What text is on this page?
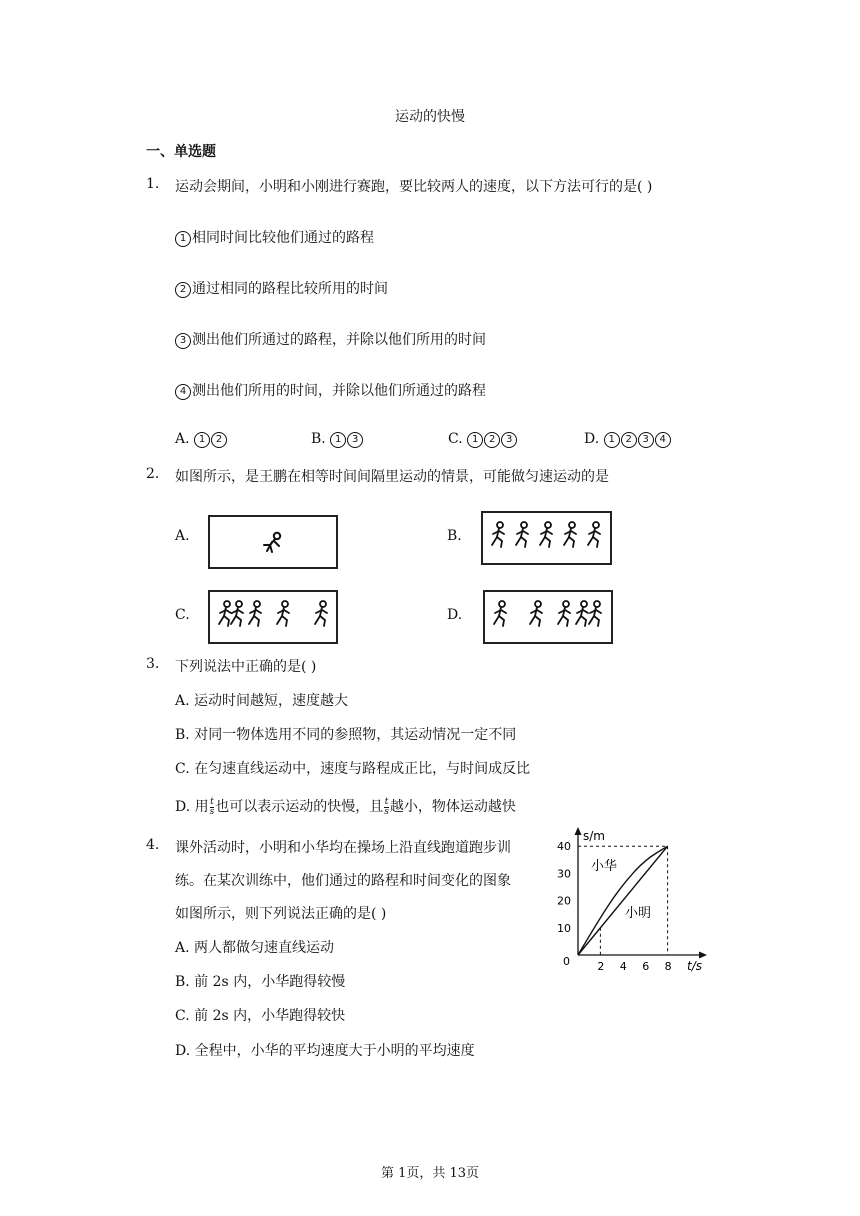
运动的快慢
一、单选题
1. 运动会期间，小明和小刚进行赛跑，要比较两人的速度，以下方法可行的是( )
1 相同时间比较他们通过的路程
2 通过相同的路程比较所用的时间
3 测出他们所通过的路程，并除以他们所用的时间
4 测出他们所用的时间，并除以他们所通过的路程
A. 1 2	B. 1 3	C. 1 2 3	D. 1 2 3 4
2. 如图所示，是王鹏在相等时间间隔里运动的情景，可能做匀速运动的是
A.	B.
C.	D.
3. 下列说法中正确的是( )
A. 运动时间越短，速度越大
B. 对同一物体选用不同的参照物，其运动情况一定不同
C. 在匀速直线运动中，速度与路程成正比，与时间成反比
D. 用 $\frac{t}{s}$ 也可以表示运动的快慢，且 $\frac{t}{s}$ 越小，物体运动越快
4. 课外活动时，小明和小华均在操场上沿直线跑道跑步训
练。在某次训练中，他们通过的路程和时间变化的图象
如图所示，则下列说法正确的是( )
A. 两人都做匀速直线运动
B. 前 2s 内，小华跑得较慢
C. 前 2s 内，小华跑得较快
D. 全程中，小华的平均速度大于小明的平均速度
s/m
t/s
0
10
20
30
40
2 4 6 8
小华
小明
第 1页，共 13页
